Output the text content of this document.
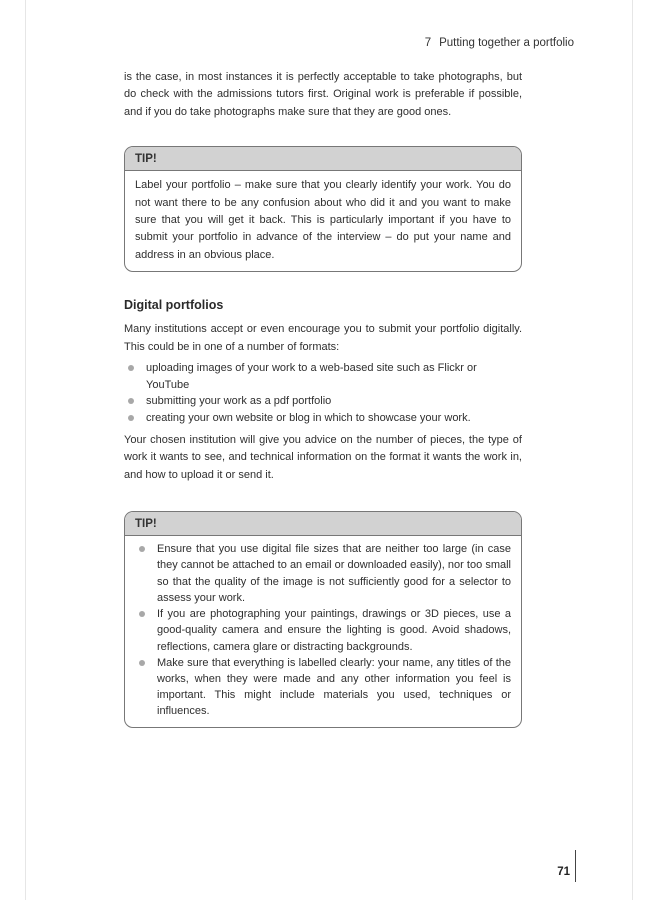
7 Putting together a portfolio

is the case, in most instances it is perfectly acceptable to take photographs, but do check with the admissions tutors first. Original work is preferable if possible, and if you do take photographs make sure that they are good ones.

TIP!

Label your portfolio – make sure that you clearly identify your work. You do not want there to be any confusion about who did it and you want to make sure that you will get it back. This is particularly important if you have to submit your portfolio in advance of the interview – do put your name and address in an obvious place.

Digital portfolios

Many institutions accept or even encourage you to submit your portfolio digitally. This could be in one of a number of formats:

uploading images of your work to a web-based site such as Flickr or YouTube
submitting your work as a pdf portfolio
creating your own website or blog in which to showcase your work.

Your chosen institution will give you advice on the number of pieces, the type of work it wants to see, and technical information on the format it wants the work in, and how to upload it or send it.

TIP!
Ensure that you use digital file sizes that are neither too large (in case they cannot be attached to an email or downloaded easily), nor too small so that the quality of the image is not sufficiently good for a selector to assess your work.
If you are photographing your paintings, drawings or 3D pieces, use a good-quality camera and ensure the lighting is good. Avoid shadows, reflections, camera glare or distracting backgrounds.
Make sure that everything is labelled clearly: your name, any titles of the works, when they were made and any other information you feel is important. This might include materials you used, techniques or influences.
71
